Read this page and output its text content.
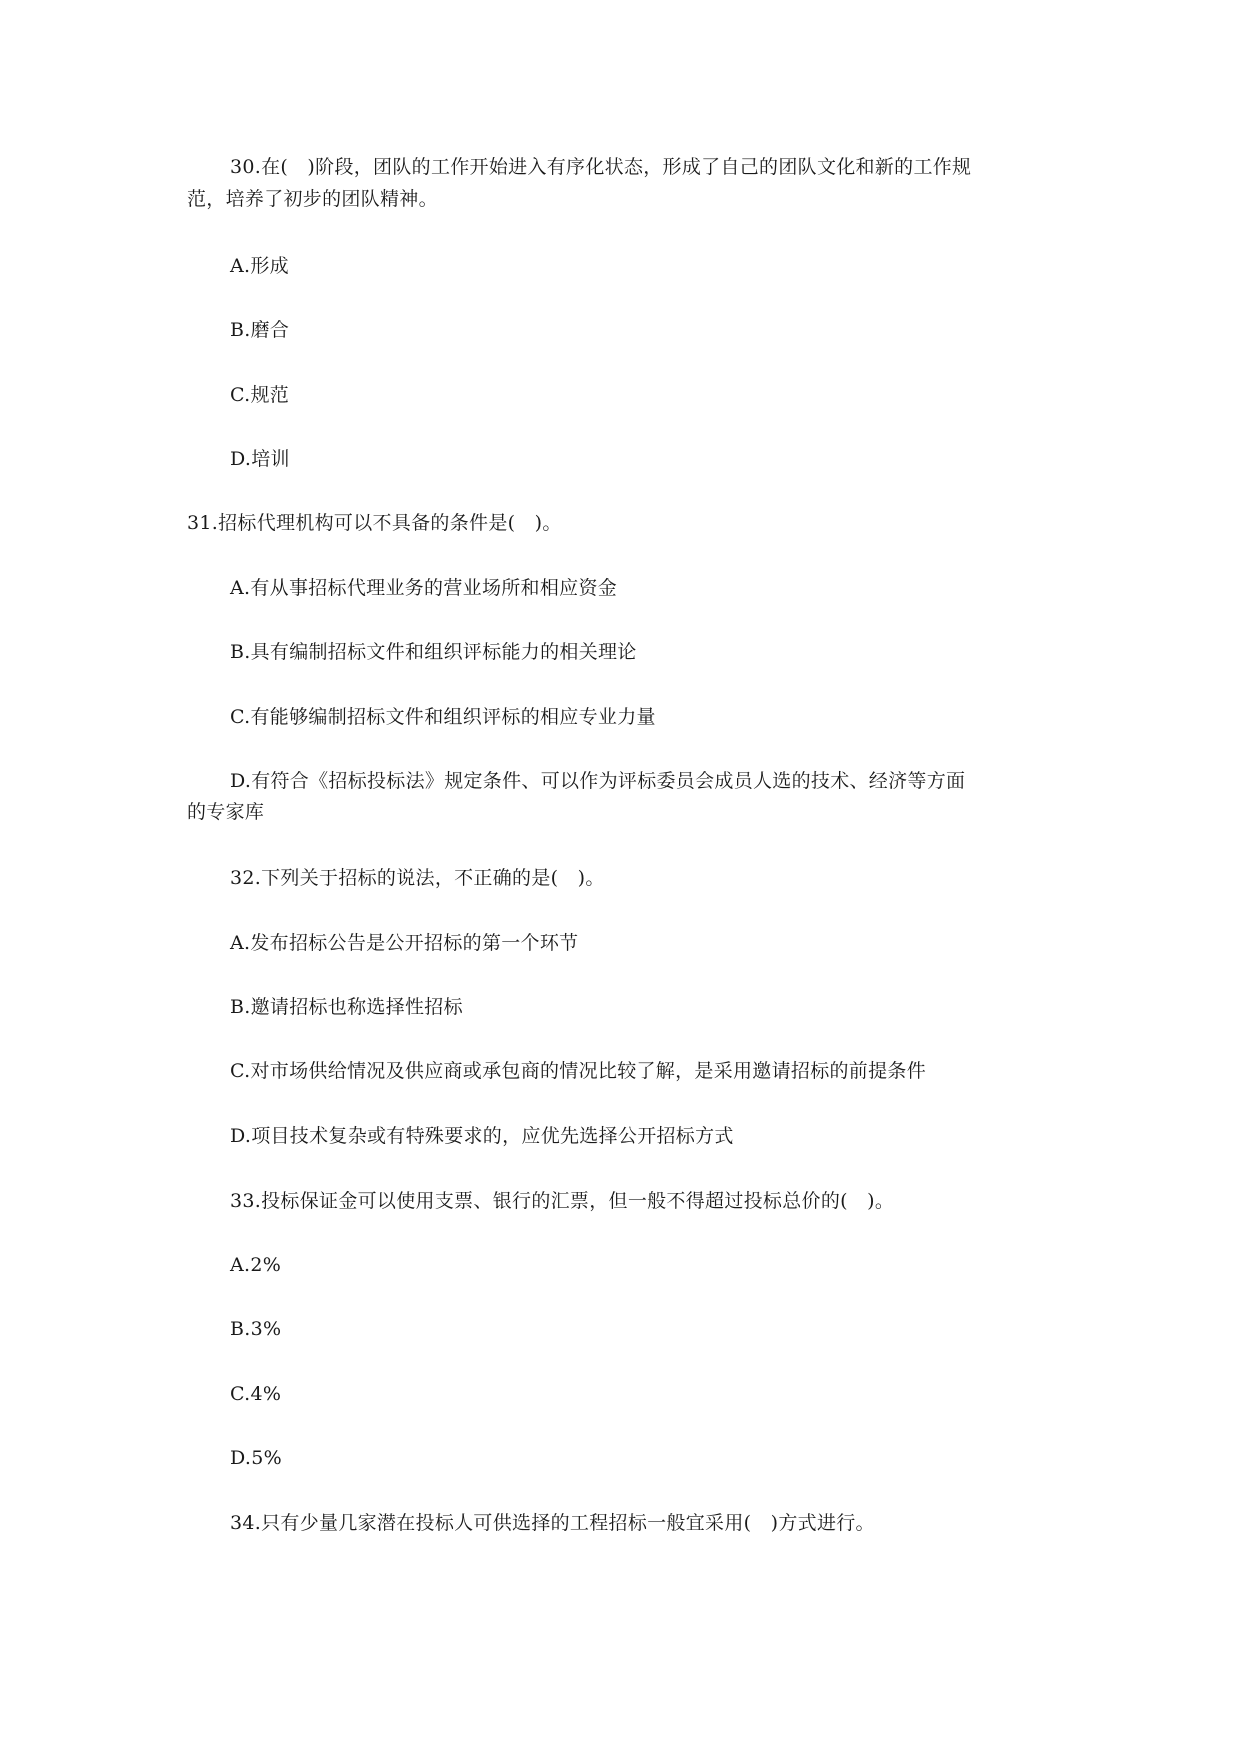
30.在(　)阶段，团队的工作开始进入有序化状态，形成了自己的团队文化和新的工作规
范，培养了初步的团队精神。
A.形成
B.磨合
C.规范
D.培训
31.招标代理机构可以不具备的条件是(　)。
A.有从事招标代理业务的营业场所和相应资金
B.具有编制招标文件和组织评标能力的相关理论
C.有能够编制招标文件和组织评标的相应专业力量
D.有符合《招标投标法》规定条件、可以作为评标委员会成员人选的技术、经济等方面
的专家库
32.下列关于招标的说法，不正确的是(　)。
A.发布招标公告是公开招标的第一个环节
B.邀请招标也称选择性招标
C.对市场供给情况及供应商或承包商的情况比较了解，是采用邀请招标的前提条件
D.项目技术复杂或有特殊要求的，应优先选择公开招标方式
33.投标保证金可以使用支票、银行的汇票，但一般不得超过投标总价的(　)。
A.2%
B.3%
C.4%
D.5%
34.只有少量几家潜在投标人可供选择的工程招标一般宜采用(　)方式进行。
